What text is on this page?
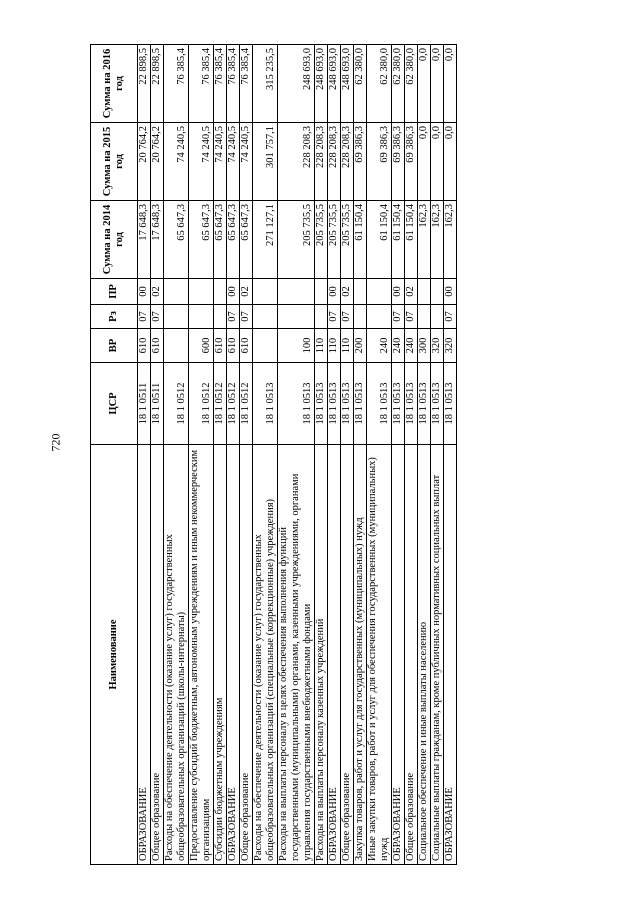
720
Наименование	ЦСР	ВР	Рз	ПР	Сумма на 2014 год	Сумма на 2015 год	Сумма на 2016 год
ОБРАЗОВАНИЕ	18 1 0511	610	07	00	17 648,3	20 764,2	22 898,5
Общее образование	18 1 0511	610	07	02	17 648,3	20 764,2	22 898,5
Расходы на обеспечение деятельности (оказание услуг) государственных общеобразовательных организаций (школы-интернаты)	18 1 0512				65 647,3	74 240,5	76 385,4
Предоставление субсидий бюджетным, автономным учреждениям и иным некоммерческим организациям	18 1 0512	600			65 647,3	74 240,5	76 385,4
Субсидии бюджетным учреждениям	18 1 0512	610			65 647,3	74 240,5	76 385,4
ОБРАЗОВАНИЕ	18 1 0512	610	07	00	65 647,3	74 240,5	76 385,4
Общее образование	18 1 0512	610	07	02	65 647,3	74 240,5	76 385,4
Расходы на обеспечение деятельности (оказание услуг) государственных общеобразовательных организаций (специальные (коррекционные) учреждения)	18 1 0513				271 127,1	301 757,1	315 235,5
Расходы на выплаты персоналу в целях обеспечения выполнения функций государственными (муниципальными) органами, казенными учреждениями, органами управления государственными внебюджетными фондами	18 1 0513	100			205 735,5	228 208,3	248 693,0
Расходы на выплаты персоналу казенных учреждений	18 1 0513	110			205 735,5	228 208,3	248 693,0
ОБРАЗОВАНИЕ	18 1 0513	110	07	00	205 735,5	228 208,3	248 693,0
Общее образование	18 1 0513	110	07	02	205 735,5	228 208,3	248 693,0
Закупка товаров, работ и услуг для государственных (муниципальных) нужд	18 1 0513	200			61 150,4	69 386,3	62 380,0
Иные закупки товаров, работ и услуг для обеспечения государственных (муниципальных) нужд	18 1 0513	240			61 150,4	69 386,3	62 380,0
ОБРАЗОВАНИЕ	18 1 0513	240	07	00	61 150,4	69 386,3	62 380,0
Общее образование	18 1 0513	240	07	02	61 150,4	69 386,3	62 380,0
Социальное обеспечение и иные выплаты населению	18 1 0513	300			162,3	0,0	0,0
Социальные выплаты гражданам, кроме публичных нормативных социальных выплат	18 1 0513	320			162,3	0,0	0,0
ОБРАЗОВАНИЕ	18 1 0513	320	07	00	162,3	0,0	0,0
